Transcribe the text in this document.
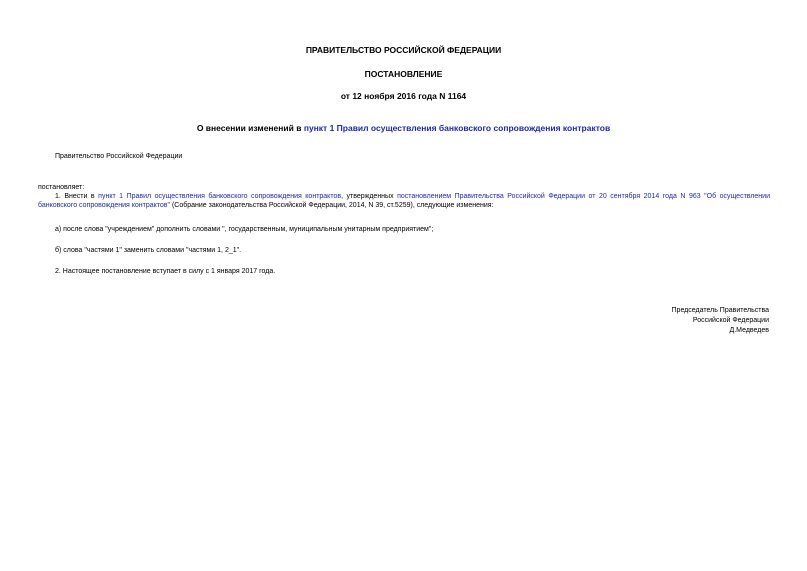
ПРАВИТЕЛЬСТВО РОССИЙСКОЙ ФЕДЕРАЦИИ
ПОСТАНОВЛЕНИЕ
от 12 ноября 2016 года N 1164
О внесении изменений в пункт 1 Правил осуществления банковского сопровождения контрактов
Правительство Российской Федерации
постановляет:
1. Внести в пункт 1 Правил осуществления банковского сопровождения контрактов, утвержденных постановлением Правительства Российской Федерации от 20 сентября 2014 года N 963 "Об осуществлении банковского сопровождения контрактов" (Собрание законодательства Российской Федерации, 2014, N 39, ст.5259), следующие изменения:
а) после слова "учреждением" дополнить словами ", государственным, муниципальным унитарным предприятием";
б) слова "частями 1" заменить словами "частями 1, 2_1".
2. Настоящее постановление вступает в силу с 1 января 2017 года.
Председатель Правительства
Российской Федерации
Д.Медведев
